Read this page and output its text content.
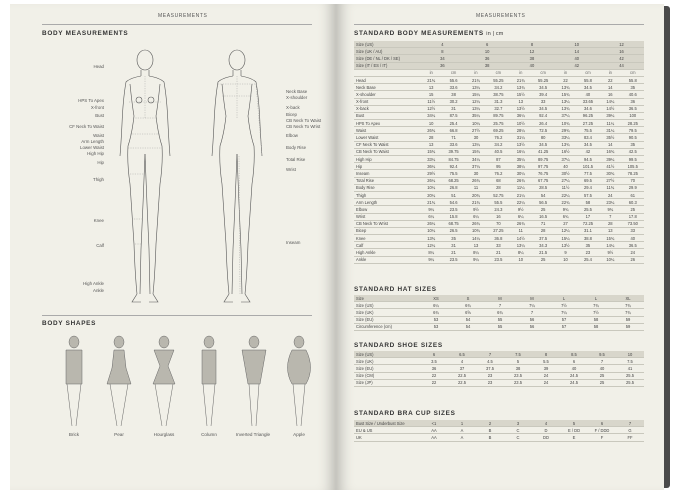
MEASUREMENTS
BODY MEASUREMENTS
Head
HPS To Apex
X-front
Bust
CF Neck To Waist
Waist
Arm Length
Lower Waist
High Hip
Hip
Thigh
Knee
Calf
High Ankle
Ankle
Neck Base
X-shoulder
X-back
Bicep
CB Neck To Waist
CB Neck To Wrist
Elbow
Body Rise
Total Rise
Wrist
Inseam
BODY SHAPES
Brick	Pear	Hourglass	Column	Inverted Triangle	Apple
MEASUREMENTS
STANDARD BODY MEASUREMENTS in | cm
Size (US)	4		6		8		10		12	
Size (UK / AU)	8		10		12		14		16	
Size (DE / NL / DK / SE)	34		36		38		40		42	
Size (IT / ES / IT)	36		38		40		42		44	
	in	cm	in	cm	in	cm	in	cm	in	cm
Head	21¾	55.6	21¾	55.25	21¾	55.25	22	55.8	22	55.8
Neck Base	13	33.6	13¼	34.2	13¾	34.5	13¾	34.5	14	35
X-shoulder	15	38	15¼	38.75	15½	39.4	15¾	40	16	40.6
X-front	11½	30.2	12¼	31.3	13	33	13¼	33.65	14¼	36
X-back	12½	31	13¼	32.7	13½	34.5	13¾	34.6	14½	36.5
Bust	34¼	87.5	35¼	89.75	36¼	92.4	37¼	96.25	39¼	100
HPS To Apex	10	25.4	10¼	25.75	10½	26.4	10¾	27.25	11¼	28.25
Waist	26¾	66.8	27½	69.25	28¼	72.5	29¾	75.5	31¼	79.5
Lower Waist	28	71	30	76.2	31¼	80	33¼	83.4	35½	90.5
CF Neck To Waist	13	33.6	13¼	34.2	13½	34.5	13¾	34.5	14	35
CB Neck To Waist	15¾	39.75	15¾	40.5	16¼	41.25	16½	42	16¾	42.5
High Hip	33¼	84.75	34¼	87	35¼	89.75	37¼	94.5	39¼	99.5
Hip	36¼	92.4	37¼	95	38¼	97.75	40	101.5	41½	105.5
Inseam	29½	75.5	30	76.2	30¼	76.75	30½	77.5	30¾	78.25
Total Rise	26¼	68.25	26¾	68	26¾	67.75	27¼	69.5	27½	70
Body Rise	10¼	26.8	11	28	11¼	28.5	11½	29.4	11¾	29.9
Thigh	20¼	51	20¾	52.75	21¼	54	22¼	57.5	24	61
Arm Length	21¾	54.6	21¾	55.5	22¼	56.5	22¾	58	23¼	60.3
Elbow	9¼	23.5	9½	24.3	9½	25	9¾	25.5	9¾	25
Wrist	6¼	15.8	6¼	16	6¼	16.5	6¾	17	7	17.8
CB Neck To Wrist	26¼	68.75	26¾	70	26¾	71	27	72.25	28	73.50
Bicep	10¼	26.5	10¾	27.25	11	28	12¼	31.1	13	33
Knee	13¾	35	14¼	36.8	14½	37.5	15¼	38.8	15¾	40
Calf	12¼	31	13	33	13¼	34.3	13½	35	14¼	36.5
High Ankle	8¼	21	8¼	21	8¼	21.5	9	23	9½	24
Ankle	9¼	23.5	9¼	23.5	10	25	10	25.4	10¼	26
STANDARD HAT SIZES
Size	XS	S	M	M	L	L	XL
Size (US)	6¼	6¾	7	7¼	7½	7¾	7¾
Size (UK)	6¾	6⅝	6¾	7	7¼	7½	7¾
Size (EU)	53	54	55	56	57	58	59
Circumference (cm)	53	54	55	56	57	58	59
STANDARD SHOE SIZES
Size (US)	6	6.5	7	7.5	8	8.5	9.5	10
Size (UK)	3.5	4	4.5	5	5.5	6	7	7.5
Size (EU)	36	37	37.5	38	39	40	40	41
Size (CM)	22	22.5	23	23.5	24	24.5	25	25.5
Size (JP)	22	22.5	23	23.5	24	24.5	25	25.5
STANDARD BRA CUP SIZES
Bust Size / Underbust Size	<1	1	2	3	4	5	6	7
EU & US	AA	A	B	C	D	E / DD	F / DDD	G
UK	AA	A	B	C	DD	E	F	FF
